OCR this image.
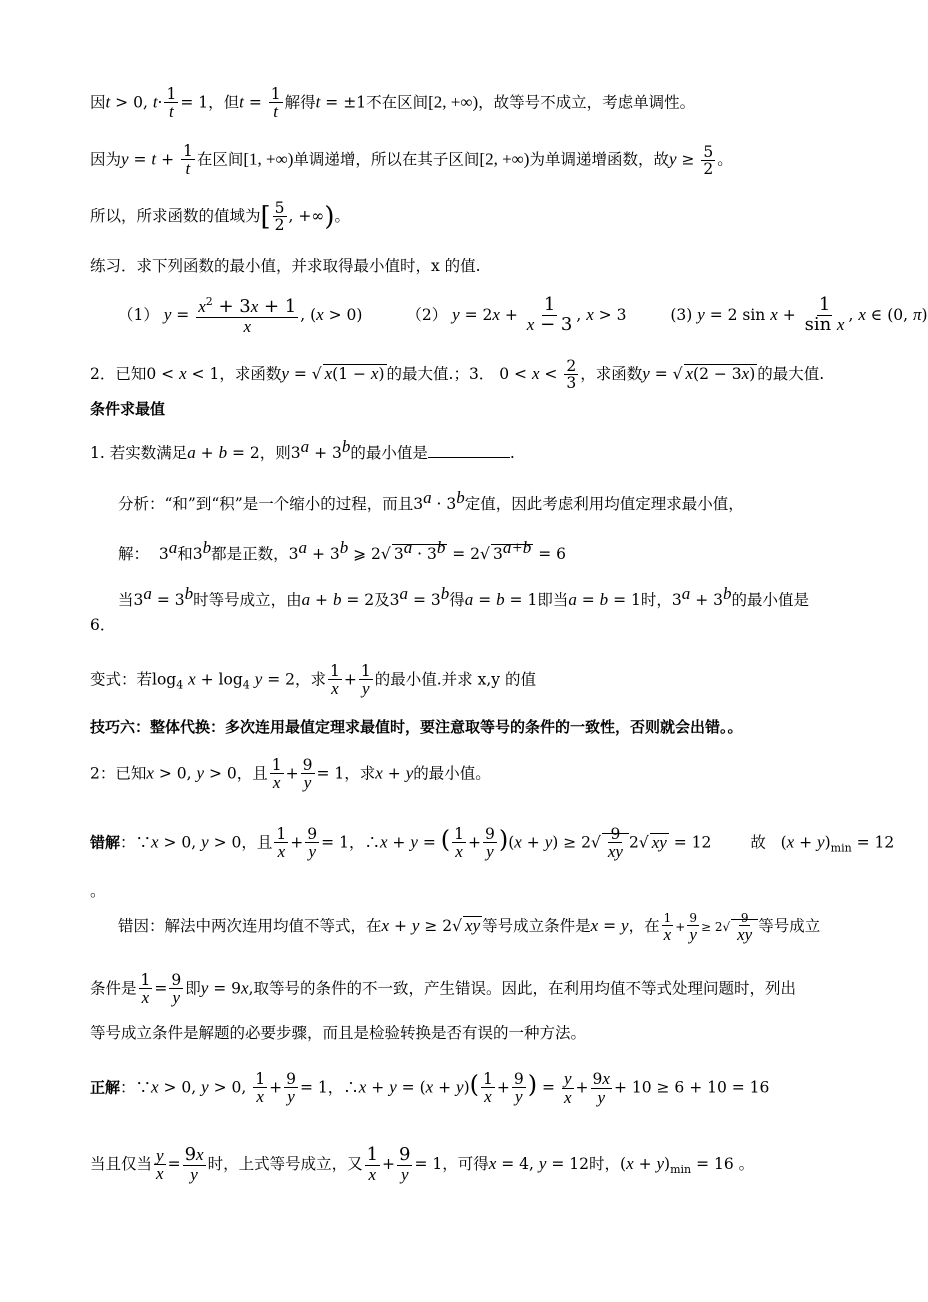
因t > 0, $t\cdot \frac{1}{t} = 1$，但$t = \frac{1}{t}$ 解得t = ±1不在区间[2, +∞)，故等号不成立，考虑单调性。
因为$y = t + \frac{1}{t}$ 在区间[1, +∞)单调递增，所以在其子区间[2, +∞)为单调递增函数，故$y \ge \frac{5}{2}$ 。
所以，所求函数的值域为[ $\frac{5}{2}$ , +∞)。
练习．求下列函数的最小值，并求取得最小值时，x 的值.
（1） $y = \frac{x^2 + 3x + 1}{x}$ , (x > 0)	（2） $y = 2x + \frac{1}{x - 3}$ , x > 3	(3) y = 2 $\sin x + \frac{1}{\text{sin x}}$ , x ∈ (0, π)
2．已知0 < x < 1，求函数y = √ x(1 − x) 的最大值.；3． $0 < x < \frac{2}{3}$ ，求函数y = √ x(2 − 3x) 的最大值.
条件求最值
1. 若实数满足a + b = 2，则$3^a + 3^b$的最小值是	.
分析：“和”到“积”是一个缩小的过程，而且$3^a \cdot 3^b$定值，因此考虑利用均值定理求最小值，
解：  3$^a$和3$^b$都是正数，$3^a + 3^b$ ⩾ 2√ $3^a \cdot 3^b = 2√$ $3^{a+b} = 6$
当$3^a = 3^b$时等号成立，由a + b = 2及$3^a = 3^b$得a = b = 1即当a = b = 1时，$3^a + 3^b$的最小值是
6．
变式：若$\log_4 x + \log_4 y = 2$，求 $\frac{1}{x} + \frac{1}{y}$ 的最小值.并求 x,y 的值
技巧六：整体代换：多次连用最值定理求最值时，要注意取等号的条件的一致性，否则就会出错。。
2：已知x > 0, y > 0，且 $\frac{1}{x} + \frac{9}{y} = 1$，求x + y的最小值。
错解：∵x > 0, y > 0，且 $\frac{1}{x} + \frac{9}{y} = 1$，∴x + y = ( $\frac{1}{x} + \frac{9}{y} )(x + y) \ge 2√ \frac{9}{xy} 2√$ xy = 12 故   $(x + y)_{min} = 12$
。
错因：解法中两次连用均值不等式，在x + y ≥ 2√ xy 等号成立条件是x = y，在 $\frac{1}{x} + \frac{9}{y} \ge 2√ \frac{9}{xy}$ 等号成立
条件是 $\frac{1}{x} = \frac{9}{y}$ 即y = 9x,取等号的条件的不一致，产生错误。因此，在利用均值不等式处理问题时，列出
等号成立条件是解题的必要步骤，而且是检验转换是否有误的一种方法。
正解：∵x > 0, y > 0, $\frac{1}{x} + \frac{9}{y} = 1$，∴x + $y = (x + y)( \frac{1}{x} + \frac{9}{y}$ ) = $\frac{y}{x} + \frac{9x}{y} + 10 \ge 6 + 10 = 16$
当且仅当 $\frac{y}{x} = \frac{9x}{y}$ 时，上式等号成立，又 $\frac{1}{x} + \frac{9}{y} = 1$，可得x = 4, y = 12时，$(x + y)_{min} = 16$ 。
